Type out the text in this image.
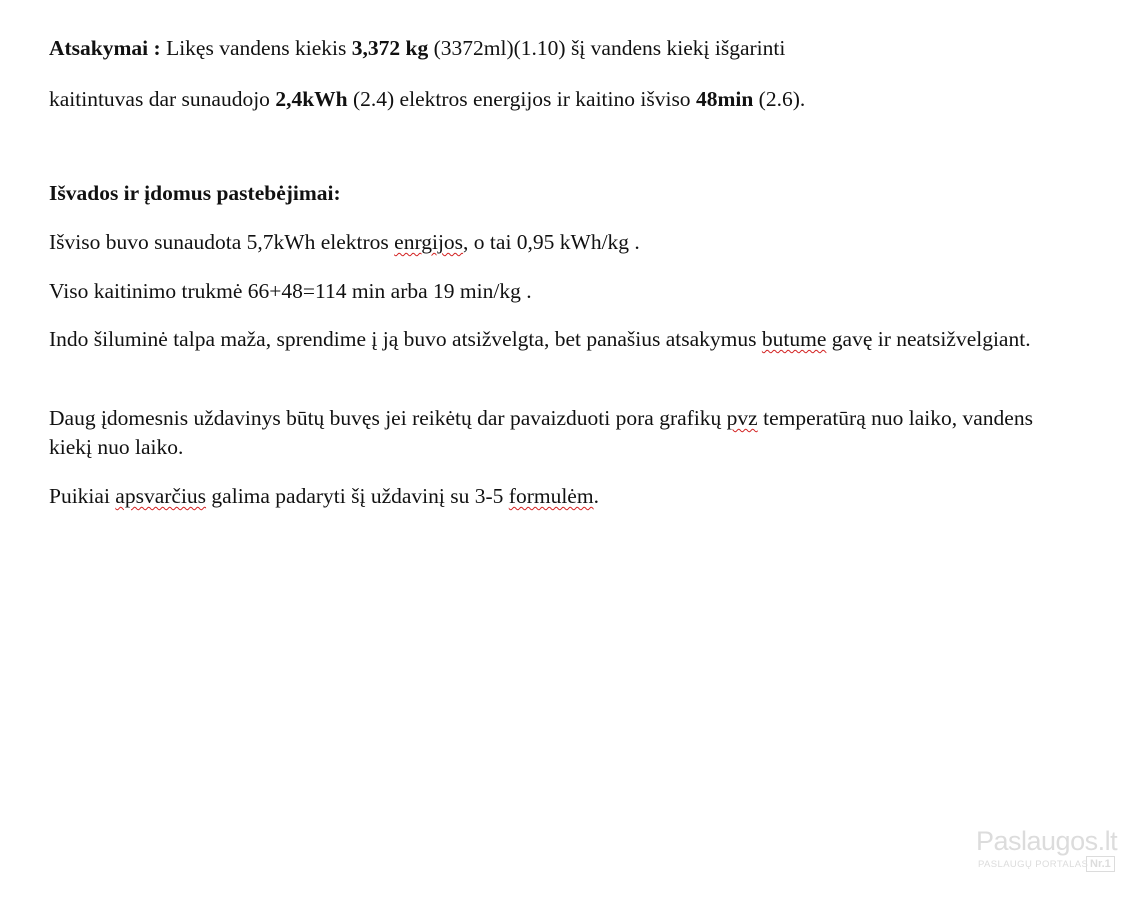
Atsakymai : Likęs vandens kiekis 3,372 kg (3372ml)(1.10) šį vandens kiekį išgarinti
kaitintuvas dar sunaudojo 2,4kWh (2.4) elektros energijos ir kaitino išviso 48min (2.6).
Išvados ir įdomus pastebėjimai:
Išviso buvo sunaudota 5,7kWh elektros enrgijos, o tai 0,95 kWh/kg .
Viso kaitinimo trukmė 66+48=114 min arba 19 min/kg .
Indo šiluminė talpa maža, sprendime į ją buvo atsižvelgta, bet panašius atsakymus butume gavę ir neatsižvelgiant.
Daug įdomesnis uždavinys būtų buvęs jei reikėtų dar pavaizduoti pora grafikų pvz temperatūrą nuo laiko, vandens kiekį nuo laiko.
Puikiai apsvarčius galima padaryti šį uždavinį su 3-5 formulėm.
Paslaugos.lt
PASLAUGŲ PORTALAS Nr.1
